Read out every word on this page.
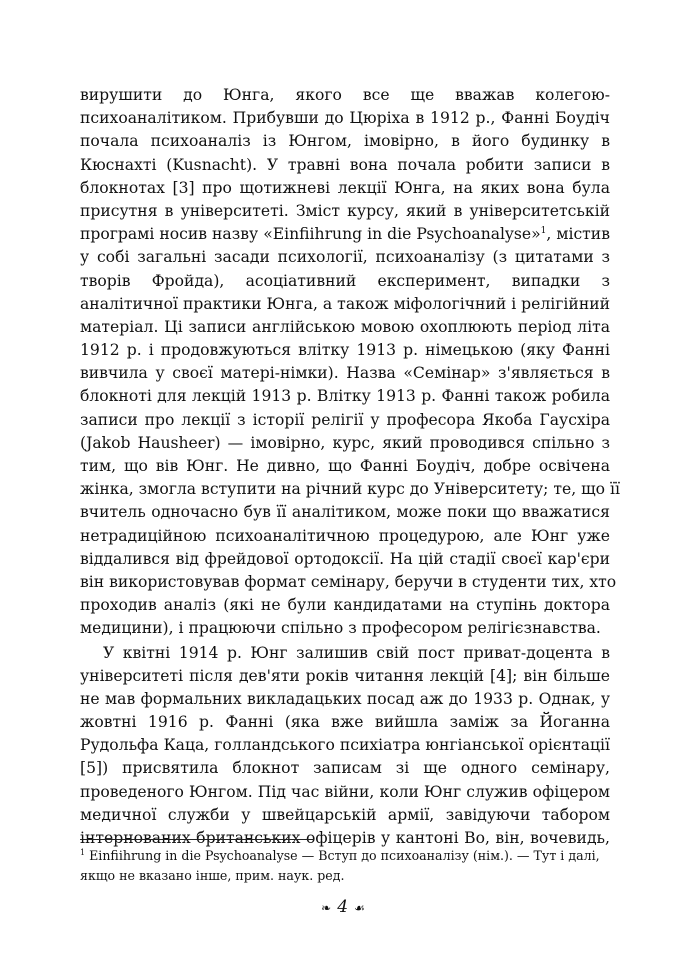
вирушити до Юнга, якого все ще вважав колегою-
психоаналітиком. Прибувши до Цюріха в 1912 р., Фанні Боудіч
почала психоаналіз із Юнгом, імовірно, в його будинку в
Кюснахті (Kusnacht). У травні вона почала робити записи в
блокнотах [3] про щотижневі лекції Юнга, на яких вона була
присутня в університеті. Зміст курсу, який в університетській
програмі носив назву «Einfiihrung in die Psychoanalyse»$^1$, містив
у собі загальні засади психології, психоаналізу (з цитатами з
творів Фройда), асоціативний експеримент, випадки з
аналітичної практики Юнга, а також міфологічний і релігійний
матеріал. Ці записи англійською мовою охоплюють період літа
1912 р. і продовжуються влітку 1913 р. німецькою (яку Фанні
вивчила у своєї матері-німки). Назва «Семінар» з'являється в
блокноті для лекцій 1913 р. Влітку 1913 р. Фанні також робила
записи про лекції з історії релігії у професора Якоба Гаусхіра
(Jakob Hausheer) — імовірно, курс, який проводився спільно з
тим, що вів Юнг. Не дивно, що Фанні Боудіч, добре освічена
жінка, змогла вступити на річний курс до Університету; те, що її
вчитель одночасно був її аналітиком, може поки що вважатися
нетрадиційною психоаналітичною процедурою, але Юнг уже
віддалився від фрейдової ортодоксії. На цій стадії своєї кар'єри
він використовував формат семінару, беручи в студенти тих, хто
проходив аналіз (які не були кандидатами на ступінь доктора
медицини), і працюючи спільно з професором релігієзнавства.

У квітні 1914 р. Юнг залишив свій пост приват-доцента в
університеті після дев'яти років читання лекцій [4]; він більше
не мав формальних викладацьких посад аж до 1933 р. Однак, у
жовтні 1916 р. Фанні (яка вже вийшла заміж за Йоганна
Рудольфа Каца, голландського психіатра юнгіанської орієнтації
[5]) присвятила блокнот записам зі ще одного семінару,
проведеного Юнгом. Під час війни, коли Юнг служив офіцером
медичної служби у швейцарській армії, завідуючи табором
інтернованих британських офіцерів у кантоні Во, він, вочевидь,

$^1$ Einfiihrung in die Psychoanalyse — Вступ до психоаналізу (нім.). — Тут і далі,
якщо не вказано інше, прим. наук. ред.
❧ 4 ☙
